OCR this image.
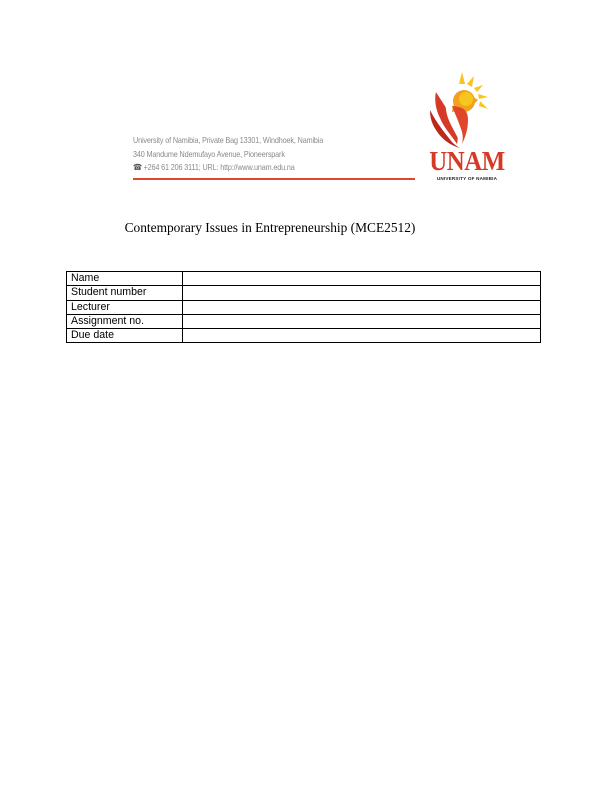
University of Namibia, Private Bag 13301, Windhoek, Namibia
340 Mandume Ndemufayo Avenue, Pioneerspark
☎ +264 61 206 3111; URL: http://www.unam.edu.na	UNAM
UNIVERSITY OF NAMIBIA
Contemporary Issues in Entrepreneurship (MCE2512)
Name	
Student number	
Lecturer	
Assignment no.	
Due date	
